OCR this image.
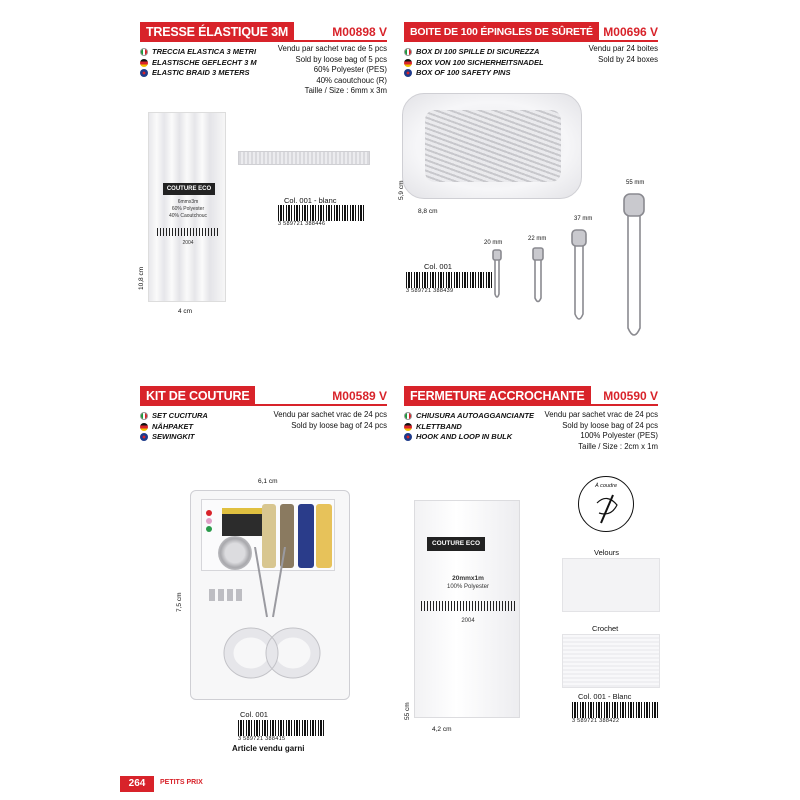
TRESSE ÉLASTIQUE 3M	M00898 V
TRECCIA ELASTICA 3 METRI
ELASTISCHE GEFLECHT 3 M
ELASTIC BRAID 3 METERS
Vendu par sachet vrac de 5 pcs
Sold by loose bag of 5 pcs
60% Polyester (PES)
40% caoutchouc (R)
Taille / Size : 6mm x 3m
COUTURE ECO
6mmx3m
60% Polyester
40% Caoutchouc
2004
10,8 cm
4 cm
Col. 001 - blanc
3 589721 388446
BOITE DE 100 ÉPINGLES DE SÛRETÉ M00696 V
BOX DI 100 SPILLE DI SICUREZZA
BOX VON 100 SICHERHEITSNADEL
BOX OF 100 SAFETY PINS
Vendu par 24 boites
Sold by 24 boxes
5,9 cm
8,8 cm
20 mm
22 mm
37 mm
55 mm
Col. 001
3 589721 388439
KIT DE COUTURE	M00589 V
SET CUCITURA
NÄHPAKET
SEWINGKIT
Vendu par sachet vrac de 24 pcs
Sold by loose bag of 24 pcs
6,1 cm
7,5 cm
Col. 001
3 589721 388415
Article vendu garni
FERMETURE ACCROCHANTE	M00590 V
CHIUSURA AUTOAGGANCIANTE
KLETTBAND
HOOK AND LOOP IN BULK
Vendu par sachet vrac de 24 pcs
Sold by loose bag of 24 pcs
100% Polyester (PES)
Taille / Size : 2cm x 1m
À coudre
COUTURE ECO
20mmx1m
100% Polyester
2004
55 cm
4,2 cm
Velours
Crochet
Col. 001 - Blanc
3 589721 388422
264	PETITS PRIX
